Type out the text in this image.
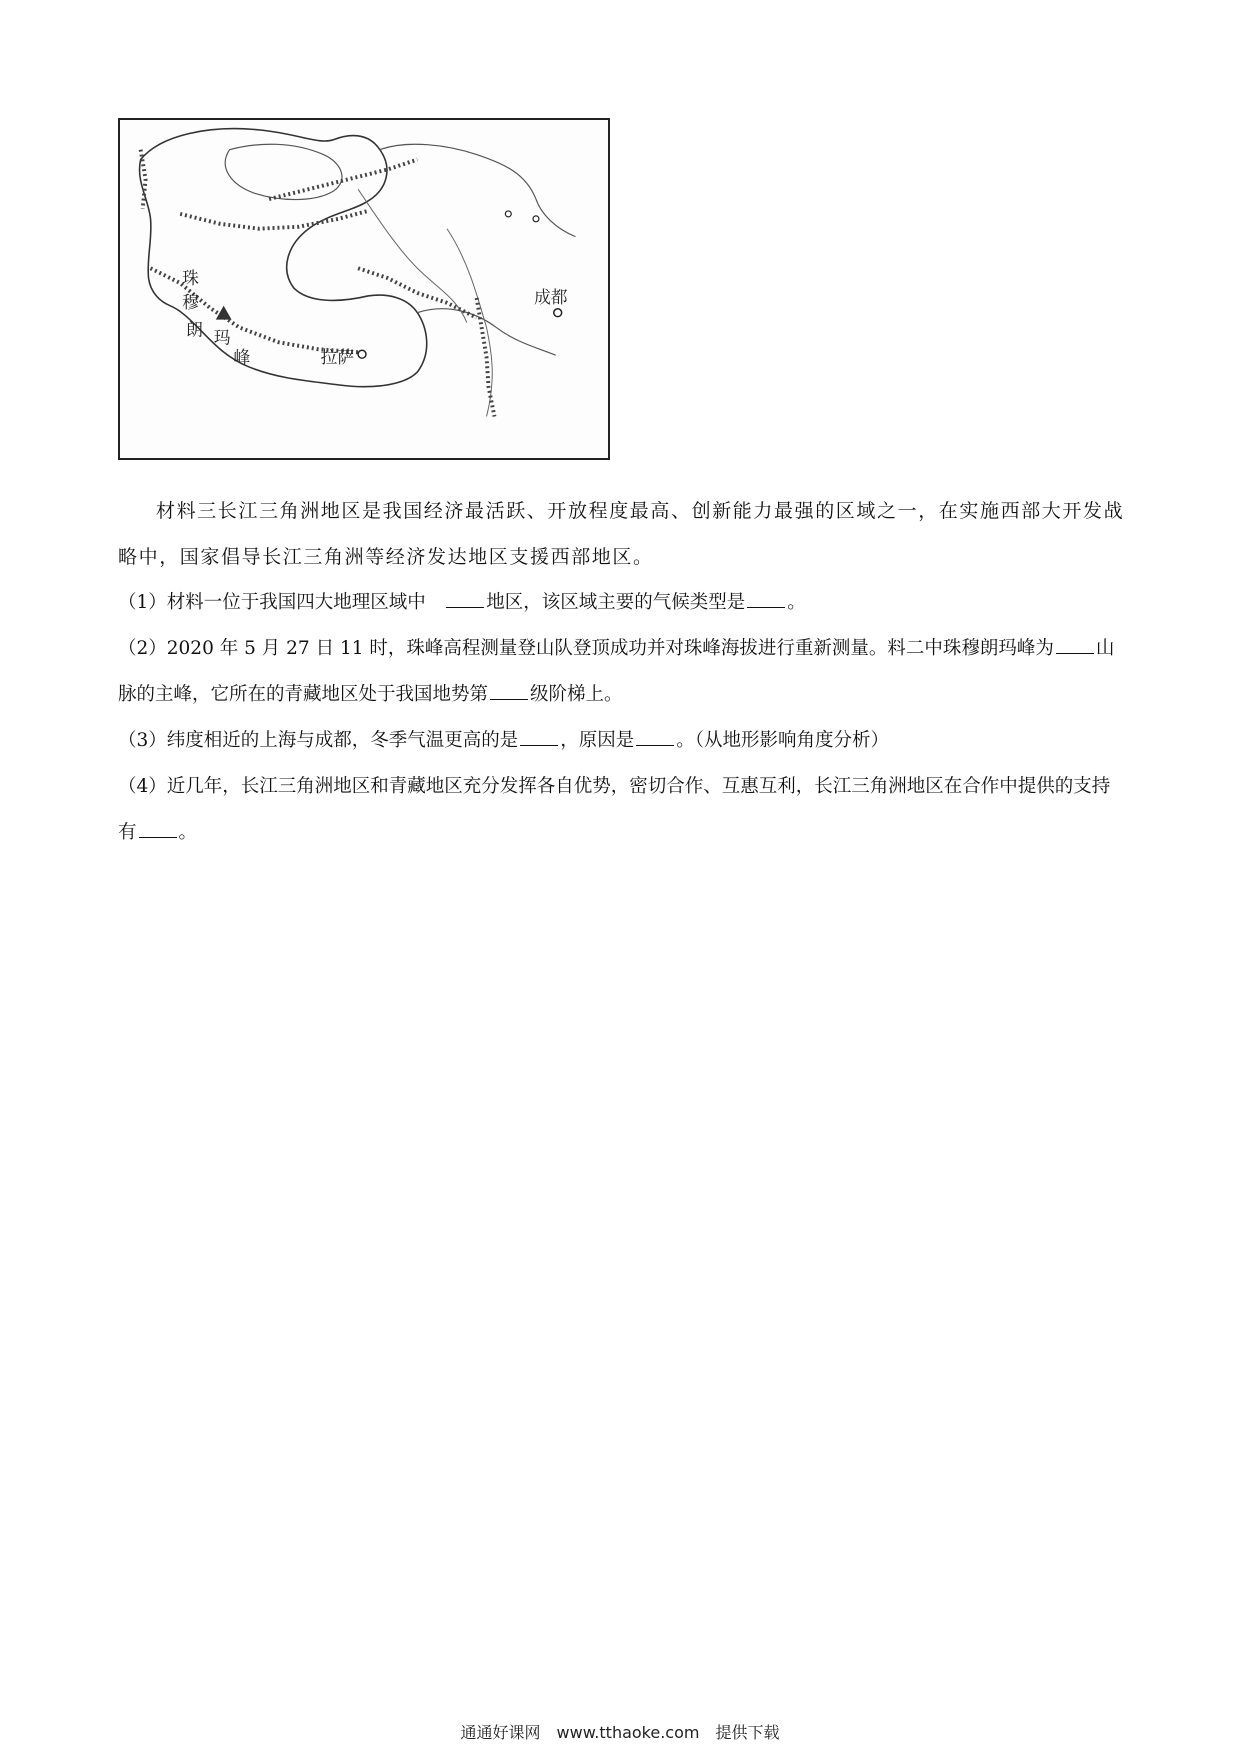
珠
穆
朗 玛
峰	拉萨
成都

材料三长江三角洲地区是我国经济最活跃、开放程度最高、创新能力最强的区域之一，在实施西部大开发战略中，国家倡导长江三角洲等经济发达地区支援西部地区。

（1）材料一位于我国四大地理区域中　地区，该区域主要的气候类型是 。

（2）2020 年 5 月 27 日 11 时，珠峰高程测量登山队登顶成功并对珠峰海拔进行重新测量。料二中珠穆朗玛峰为 山脉的主峰，它所在的青藏地区处于我国地势第 级阶梯上。

（3）纬度相近的上海与成都，冬季气温更高的是 ，原因是 。（从地形影响角度分析）

（4）近几年，长江三角洲地区和青藏地区充分发挥各自优势，密切合作、互惠互利，长江三角洲地区在合作中提供的支持有 。

通通好课网　www.tthaoke.com　提供下载
